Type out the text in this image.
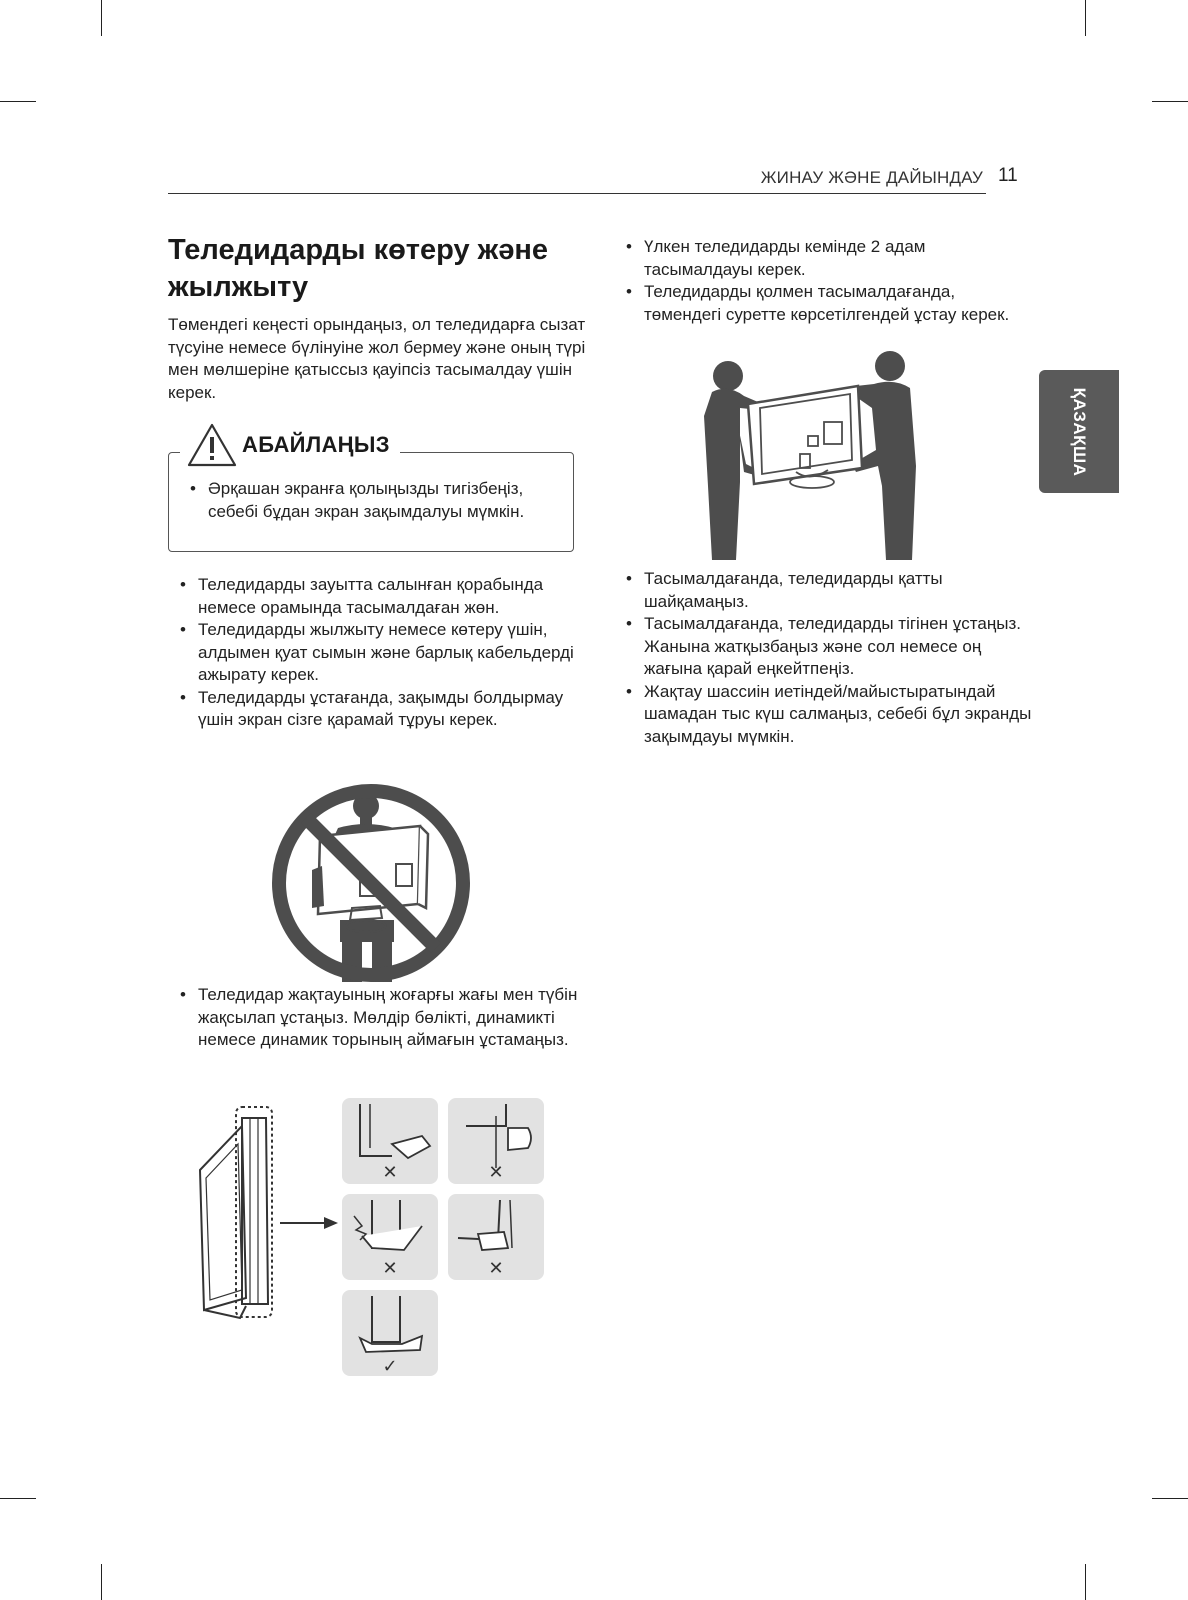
ЖИНАУ ЖӘНЕ ДАЙЫНДАУ 11
ҚАЗАҚША
Теледидарды көтеру және жылжыту
Төмендегі кеңесті орындаңыз, ол теледидарға сызат түсуіне немесе бүлінуіне жол бермеу және оның түрі мен мөлшеріне қатыссыз қауіпсіз тасымалдау үшін керек.
АБАЙЛАҢЫЗ
• Әрқашан экранға қолыңызды тигізбеңіз, себебі бұдан экран зақымдалуы мүмкін.
• Теледидарды зауытта салынған қорабында немесе орамында тасымалдаған жөн.
• Теледидарды жылжыту немесе көтеру үшін, алдымен қуат сымын және барлық кабельдерді ажырату керек.
• Теледидарды ұстағанда, зақымды болдырмау үшін экран сізге қарамай тұруы керек.
• Теледидар жақтауының жоғарғы жағы мен түбін жақсылап ұстаңыз. Мөлдір бөлікті, динамикті немесе динамик торының аймағын ұстамаңыз.
✕	✕
✕	✕
✓
• Үлкен теледидарды кемінде 2 адам тасымалдауы керек.
• Теледидарды қолмен тасымалдағанда, төмендегі суретте көрсетілгендей ұстау керек.
• Тасымалдағанда, теледидарды қатты шайқамаңыз.
• Тасымалдағанда, теледидарды тігінен ұстаңыз. Жанына жатқызбаңыз және сол немесе оң жағына қарай еңкейтпеңіз.
• Жақтау шассиін иетіндей/майыстыратындай шамадан тыс күш салмаңыз, себебі бұл экранды зақымдауы мүмкін.
